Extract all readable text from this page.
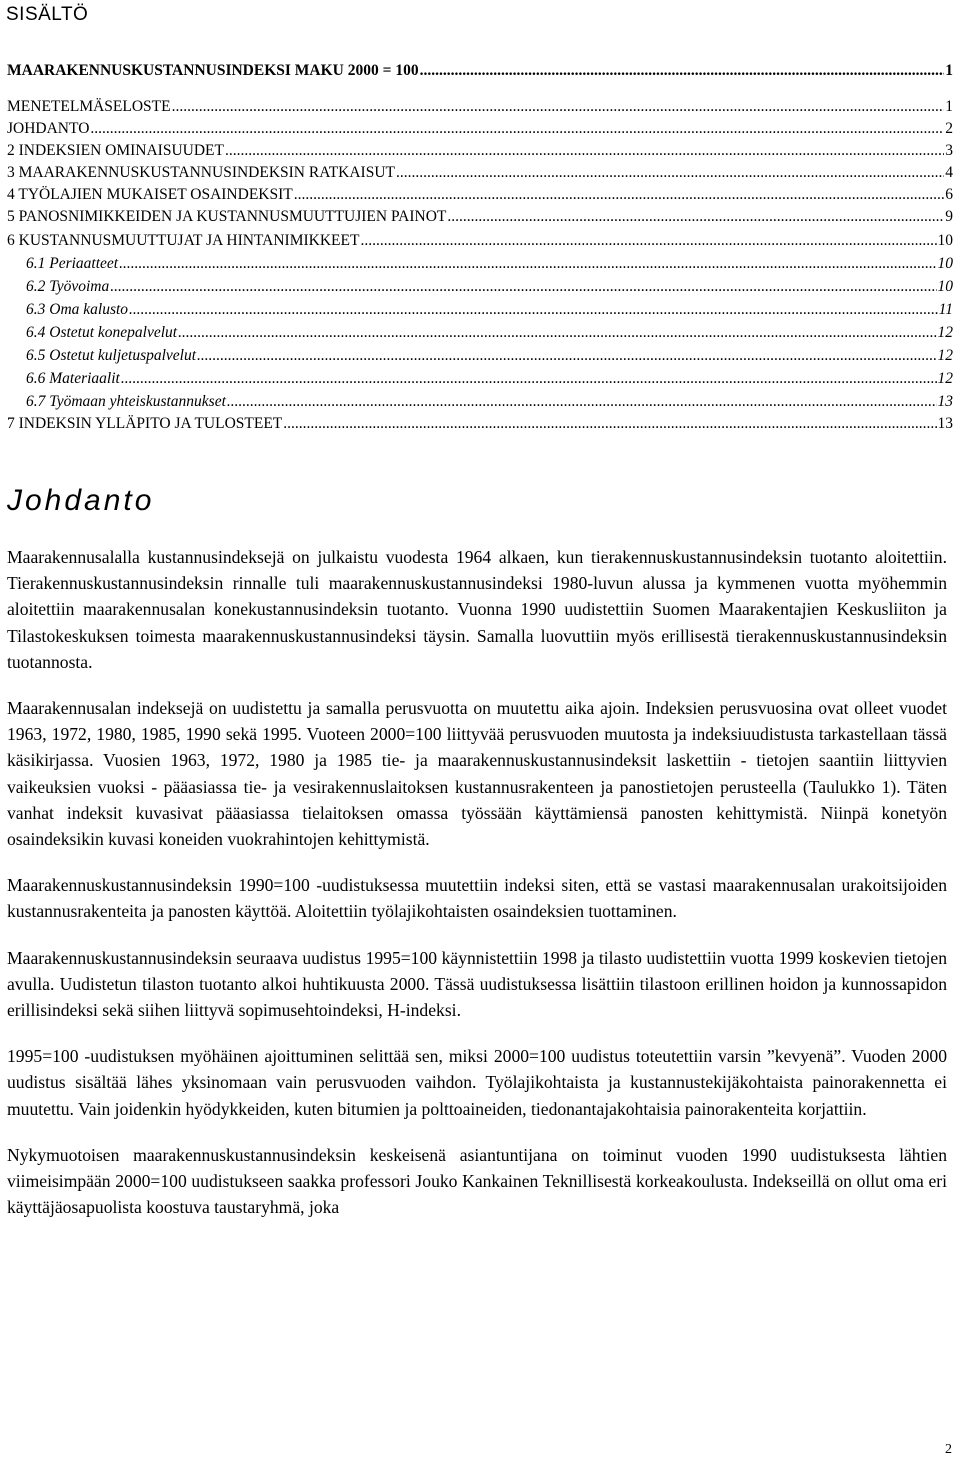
SISÄLTÖ
MAARAKENNUSKUSTANNUSINDEKSI MAKU 2000 = 100 .....	1
MENETELMÄSELOSTE .....	1
JOHDANTO .....	2
2 INDEKSIEN OMINAISUUDET .....	3
3 MAARAKENNUSKUSTANNUSINDEKSIN RATKAISUT .....	4
4 TYÖLAJIEN MUKAISET OSAINDEKSIT .....	6
5 PANOSNIMIKKEIDEN JA KUSTANNUSMUUTTUJIEN PAINOT .....	9
6 KUSTANNUSMUUTTUJAT JA HINTANIMIKKEET .....	10
6.1 Periaatteet .....	10
6.2 Työvoima .....	10
6.3 Oma kalusto .....	11
6.4 Ostetut konepalvelut .....	12
6.5 Ostetut kuljetuspalvelut .....	12
6.6 Materiaalit .....	12
6.7 Työmaan yhteiskustannukset .....	13
7 INDEKSIN YLLÄPITO JA TULOSTEET .....	13
Johdanto

Maarakennusalalla kustannusindeksejä on julkaistu vuodesta 1964 alkaen, kun tierakennuskustannusindeksin tuotanto aloitettiin. Tierakennuskustannusindeksin rinnalle tuli maarakennuskustannusindeksi 1980-luvun alussa ja kymmenen vuotta myöhemmin aloitettiin maarakennusalan konekustannusindeksin tuotanto. Vuonna 1990 uudistettiin Suomen Maarakentajien Keskusliiton ja Tilastokeskuksen toimesta maarakennuskustannusindeksi täysin. Samalla luovuttiin myös erillisestä tierakennuskustannusindeksin tuotannosta.

Maarakennusalan indeksejä on uudistettu ja samalla perusvuotta on muutettu aika ajoin. Indeksien perusvuosina ovat olleet vuodet 1963, 1972, 1980, 1985, 1990 sekä 1995. Vuoteen 2000=100 liittyvää perusvuoden muutosta ja indeksiuudistusta tarkastellaan tässä käsikirjassa. Vuosien 1963, 1972, 1980 ja 1985 tie- ja maarakennuskustannusindeksit laskettiin - tietojen saantiin liittyvien vaikeuksien vuoksi - pääasiassa tie- ja vesirakennuslaitoksen kustannusrakenteen ja panostietojen perusteella (Taulukko 1). Täten vanhat indeksit kuvasivat pääasiassa tielaitoksen omassa työssään käyttämiensä panosten kehittymistä. Niinpä konetyön osaindeksikin kuvasi koneiden vuokrahintojen kehittymistä.

Maarakennuskustannusindeksin 1990=100 -uudistuksessa muutettiin indeksi siten, että se vastasi maarakennusalan urakoitsijoiden kustannusrakenteita ja panosten käyttöä. Aloitettiin työlajikohtaisten osaindeksien tuottaminen.

Maarakennuskustannusindeksin seuraava uudistus 1995=100 käynnistettiin 1998 ja tilasto uudistettiin vuotta 1999 koskevien tietojen avulla. Uudistetun tilaston tuotanto alkoi huhtikuusta 2000. Tässä uudistuksessa lisättiin tilastoon erillinen hoidon ja kunnossapidon erillisindeksi sekä siihen liittyvä sopimusehtoindeksi, H-indeksi.

1995=100 -uudistuksen myöhäinen ajoittuminen selittää sen, miksi 2000=100 uudistus toteutettiin varsin ”kevyenä”. Vuoden 2000 uudistus sisältää lähes yksinomaan vain perusvuoden vaihdon. Työlajikohtaista ja kustannustekijäkohtaista painorakennetta ei muutettu. Vain joidenkin hyödykkeiden, kuten bitumien ja polttoaineiden, tiedonantajakohtaisia painorakenteita korjattiin.

Nykymuotoisen maarakennuskustannusindeksin keskeisenä asiantuntijana on toiminut vuoden 1990 uudistuksesta lähtien viimeisimpään 2000=100 uudistukseen saakka professori Jouko Kankainen Teknillisestä korkeakoulusta. Indekseillä on ollut oma eri käyttäjäosapuolista koostuva taustaryhmä, joka

2
